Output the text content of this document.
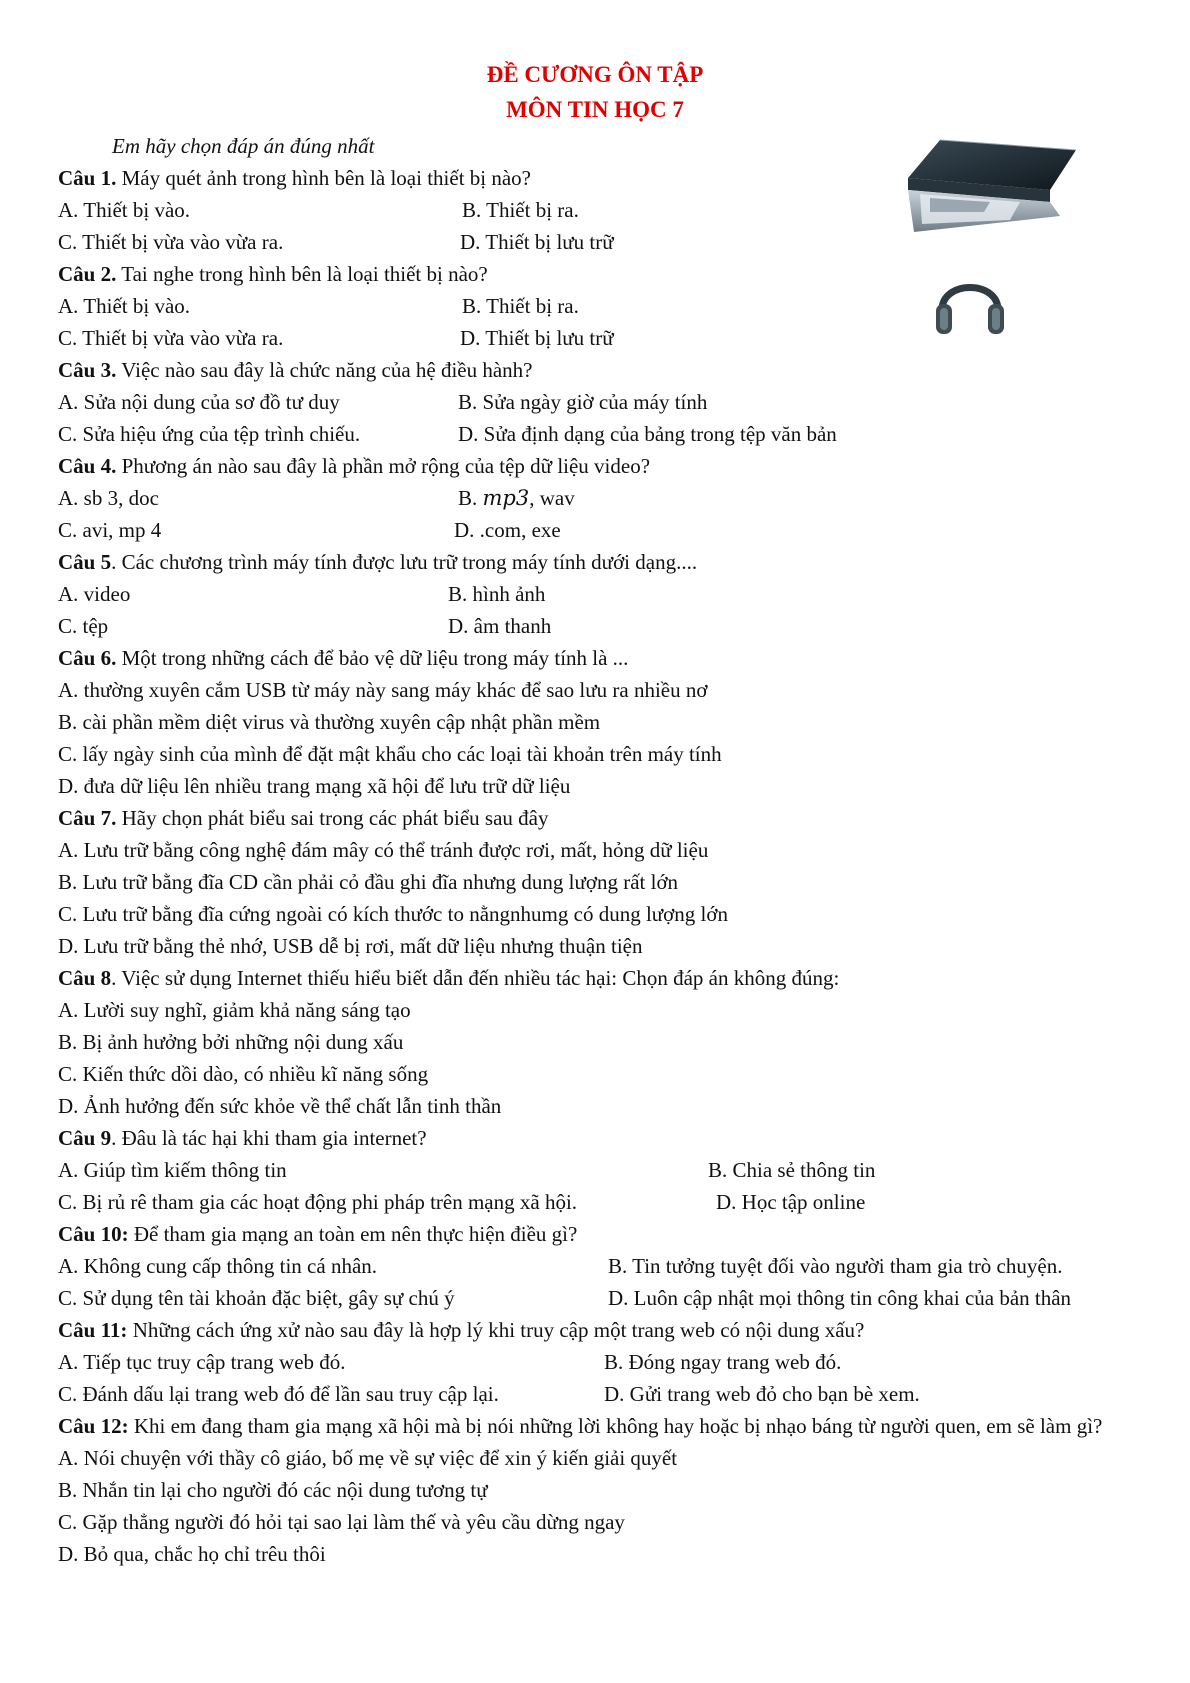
ĐỀ CƯƠNG ÔN TẬP
MÔN TIN HỌC 7
Em hãy chọn đáp án đúng nhất
Câu 1. Máy quét ảnh trong hình bên là loại thiết bị nào?
A. Thiết bị vào.	B. Thiết bị ra.
C. Thiết bị vừa vào vừa ra.	D. Thiết bị lưu trữ
Câu 2. Tai nghe trong hình bên là loại thiết bị nào?
A. Thiết bị vào.	B. Thiết bị ra.
C. Thiết bị vừa vào vừa ra.	D. Thiết bị lưu trữ
Câu 3. Việc nào sau đây là chức năng của hệ điều hành?
A. Sửa nội dung của sơ đồ tư duy	B. Sửa ngày giờ của máy tính
C. Sửa hiệu ứng của tệp trình chiếu.	D. Sửa định dạng của bảng trong tệp văn bản
Câu 4. Phương án nào sau đây là phần mở rộng của tệp dữ liệu video?
A. sb 3, doc	B. mp3, wav
C. avi, mp 4	D. .com, exe
Câu 5. Các chương trình máy tính được lưu trữ trong máy tính dưới dạng....
A. video	B. hình ảnh
C. tệp	D. âm thanh
Câu 6. Một trong những cách để bảo vệ dữ liệu trong máy tính là ...
A. thường xuyên cắm USB từ máy này sang máy khác để sao lưu ra nhiều nơ
B. cài phần mềm diệt virus và thường xuyên cập nhật phần mềm
C. lấy ngày sinh của mình để đặt mật khẩu cho các loại tài khoản trên máy tính
D. đưa dữ liệu lên nhiều trang mạng xã hội để lưu trữ dữ liệu
Câu 7. Hãy chọn phát biểu sai trong các phát biểu sau đây
A. Lưu trữ bằng công nghệ đám mây có thể tránh được rơi, mất, hỏng dữ liệu
B. Lưu trữ bằng đĩa CD cần phải cỏ đầu ghi đĩa nhưng dung lượng rất lớn
C. Lưu trữ bằng đĩa cứng ngoài có kích thước to nằngnhumg có dung lượng lớn
D. Lưu trữ bằng thẻ nhớ, USB dễ bị rơi, mất dữ liệu nhưng thuận tiện
Câu 8. Việc sử dụng Internet thiếu hiểu biết dẫn đến nhiều tác hại: Chọn đáp án không đúng:
A. Lười suy nghĩ, giảm khả năng sáng tạo
B. Bị ảnh hưởng bởi những nội dung xấu
C. Kiến thức dồi dào, có nhiều kĩ năng sống
D. Ảnh hưởng đến sức khỏe về thể chất lẫn tinh thần
Câu 9. Đâu là tác hại khi tham gia internet?
A. Giúp tìm kiếm thông tin	B. Chia sẻ thông tin
C. Bị rủ rê tham gia các hoạt động phi pháp trên mạng xã hội.	D. Học tập online
Câu 10: Để tham gia mạng an toàn em nên thực hiện điều gì?
A. Không cung cấp thông tin cá nhân.	B. Tin tưởng tuyệt đối vào người tham gia trò chuyện.
C. Sử dụng tên tài khoản đặc biệt, gây sự chú ý	D. Luôn cập nhật mọi thông tin công khai của bản thân
Câu 11: Những cách ứng xử nào sau đây là hợp lý khi truy cập một trang web có nội dung xấu?
A. Tiếp tục truy cập trang web đó.	B. Đóng ngay trang web đó.
C. Đánh dấu lại trang web đó để lần sau truy cập lại.	D. Gửi trang web đỏ cho bạn bè xem.
Câu 12: Khi em đang tham gia mạng xã hội mà bị nói những lời không hay hoặc bị nhạo báng từ người quen, em sẽ làm gì?
A. Nói chuyện với thầy cô giáo, bố mẹ về sự việc để xin ý kiến giải quyết
B. Nhắn tin lại cho người đó các nội dung tương tự
C. Gặp thẳng người đó hỏi tại sao lại làm thế và yêu cầu dừng ngay
D. Bỏ qua, chắc họ chỉ trêu thôi
